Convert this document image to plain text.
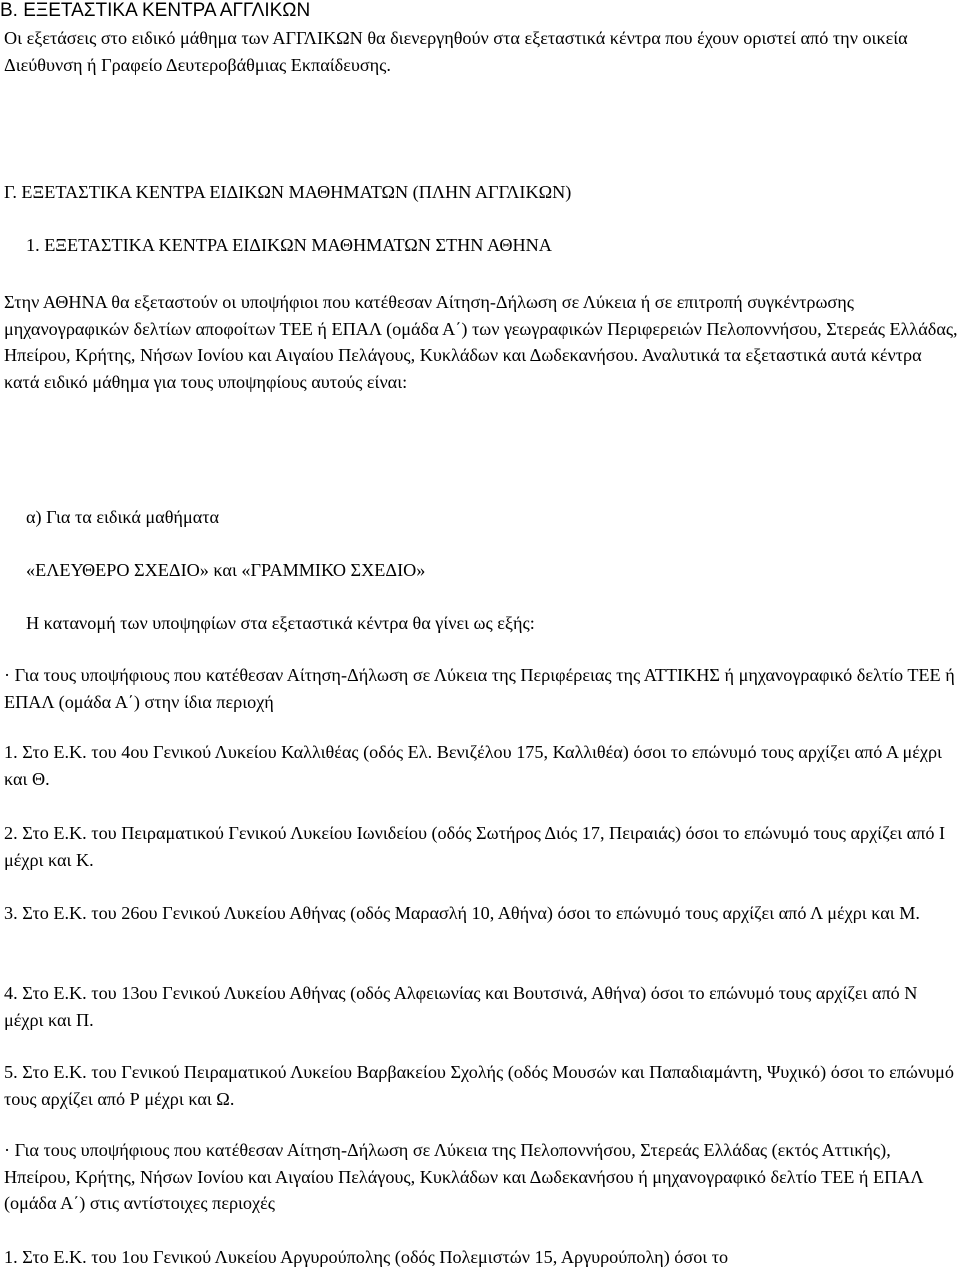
Β. ΕΞΕΤΑΣΤΙΚΑ ΚΕΝΤΡΑ ΑΓΓΛΙΚΩΝ

Οι εξετάσεις στο ειδικό μάθημα των ΑΓΓΛΙΚΩΝ θα διενεργηθούν στα εξεταστικά κέντρα που έχουν οριστεί από την οικεία Διεύθυνση ή Γραφείο Δευτεροβάθμιας Εκπαίδευσης.

Γ. ΕΞΕΤΑΣΤΙΚΑ ΚΕΝΤΡΑ ΕΙΔΙΚΩΝ ΜΑΘΗΜΑΤΩΝ (ΠΛΗΝ ΑΓΓΛΙΚΩΝ)

1. ΕΞΕΤΑΣΤΙΚΑ ΚΕΝΤΡΑ ΕΙΔΙΚΩΝ ΜΑΘΗΜΑΤΩΝ ΣΤΗΝ ΑΘΗΝΑ

Στην ΑΘΗΝΑ θα εξεταστούν οι υποψήφιοι που κατέθεσαν Αίτηση-Δήλωση σε Λύκεια ή σε επιτροπή συγκέντρωσης μηχανογραφικών δελτίων αποφοίτων ΤΕΕ ή ΕΠΑΛ (ομάδα Α΄) των γεωγραφικών Περιφερειών Πελοποννήσου, Στερεάς Ελλάδας, Ηπείρου, Κρήτης, Νήσων Ιονίου και Αιγαίου Πελάγους, Κυκλάδων και Δωδεκανήσου. Αναλυτικά τα εξεταστικά αυτά κέντρα κατά ειδικό μάθημα για τους υποψηφίους αυτούς είναι:

α) Για τα ειδικά μαθήματα

«ΕΛΕΥΘΕΡΟ ΣΧΕΔΙΟ» και «ΓΡΑΜΜΙΚΟ ΣΧΕΔΙΟ»

Η κατανομή των υποψηφίων στα εξεταστικά κέντρα θα γίνει ως εξής:

· Για τους υποψήφιους που κατέθεσαν Αίτηση-Δήλωση σε Λύκεια της Περιφέρειας της ΑΤΤΙΚΗΣ ή μηχανογραφικό δελτίο ΤΕΕ ή ΕΠΑΛ (ομάδα Α΄) στην ίδια περιοχή

1. Στο Ε.Κ. του 4ου Γενικού Λυκείου Καλλιθέας (οδός Ελ. Βενιζέλου 175, Καλλιθέα) όσοι το επώνυμό τους αρχίζει από Α μέχρι και Θ.

2. Στο Ε.Κ. του Πειραματικού Γενικού Λυκείου Ιωνιδείου (οδός Σωτήρος Διός 17, Πειραιάς) όσοι το επώνυμό τους αρχίζει από Ι μέχρι και Κ.

3. Στο Ε.Κ. του 26ου Γενικού Λυκείου Αθήνας (οδός Μαρασλή 10, Αθήνα) όσοι το επώνυμό τους αρχίζει από Λ μέχρι και Μ.

4. Στο Ε.Κ. του 13ου Γενικού Λυκείου Αθήνας (οδός Αλφειωνίας και Βουτσινά, Αθήνα) όσοι το επώνυμό τους αρχίζει από Ν μέχρι και Π.

5. Στο Ε.Κ. του Γενικού Πειραματικού Λυκείου Βαρβακείου Σχολής (οδός Μουσών και Παπαδιαμάντη, Ψυχικό) όσοι το επώνυμό τους αρχίζει από Ρ μέχρι και Ω.

· Για τους υποψήφιους που κατέθεσαν Αίτηση-Δήλωση σε Λύκεια της Πελοποννήσου, Στερεάς Ελλάδας (εκτός Αττικής), Ηπείρου, Κρήτης, Νήσων Ιονίου και Αιγαίου Πελάγους, Κυκλάδων και Δωδεκανήσου ή μηχανογραφικό δελτίο ΤΕΕ ή ΕΠΑΛ (ομάδα Α΄) στις αντίστοιχες περιοχές

1. Στο Ε.Κ. του 1ου Γενικού Λυκείου Αργυρούπολης (οδός Πολεμιστών 15, Αργυρούπολη) όσοι το
